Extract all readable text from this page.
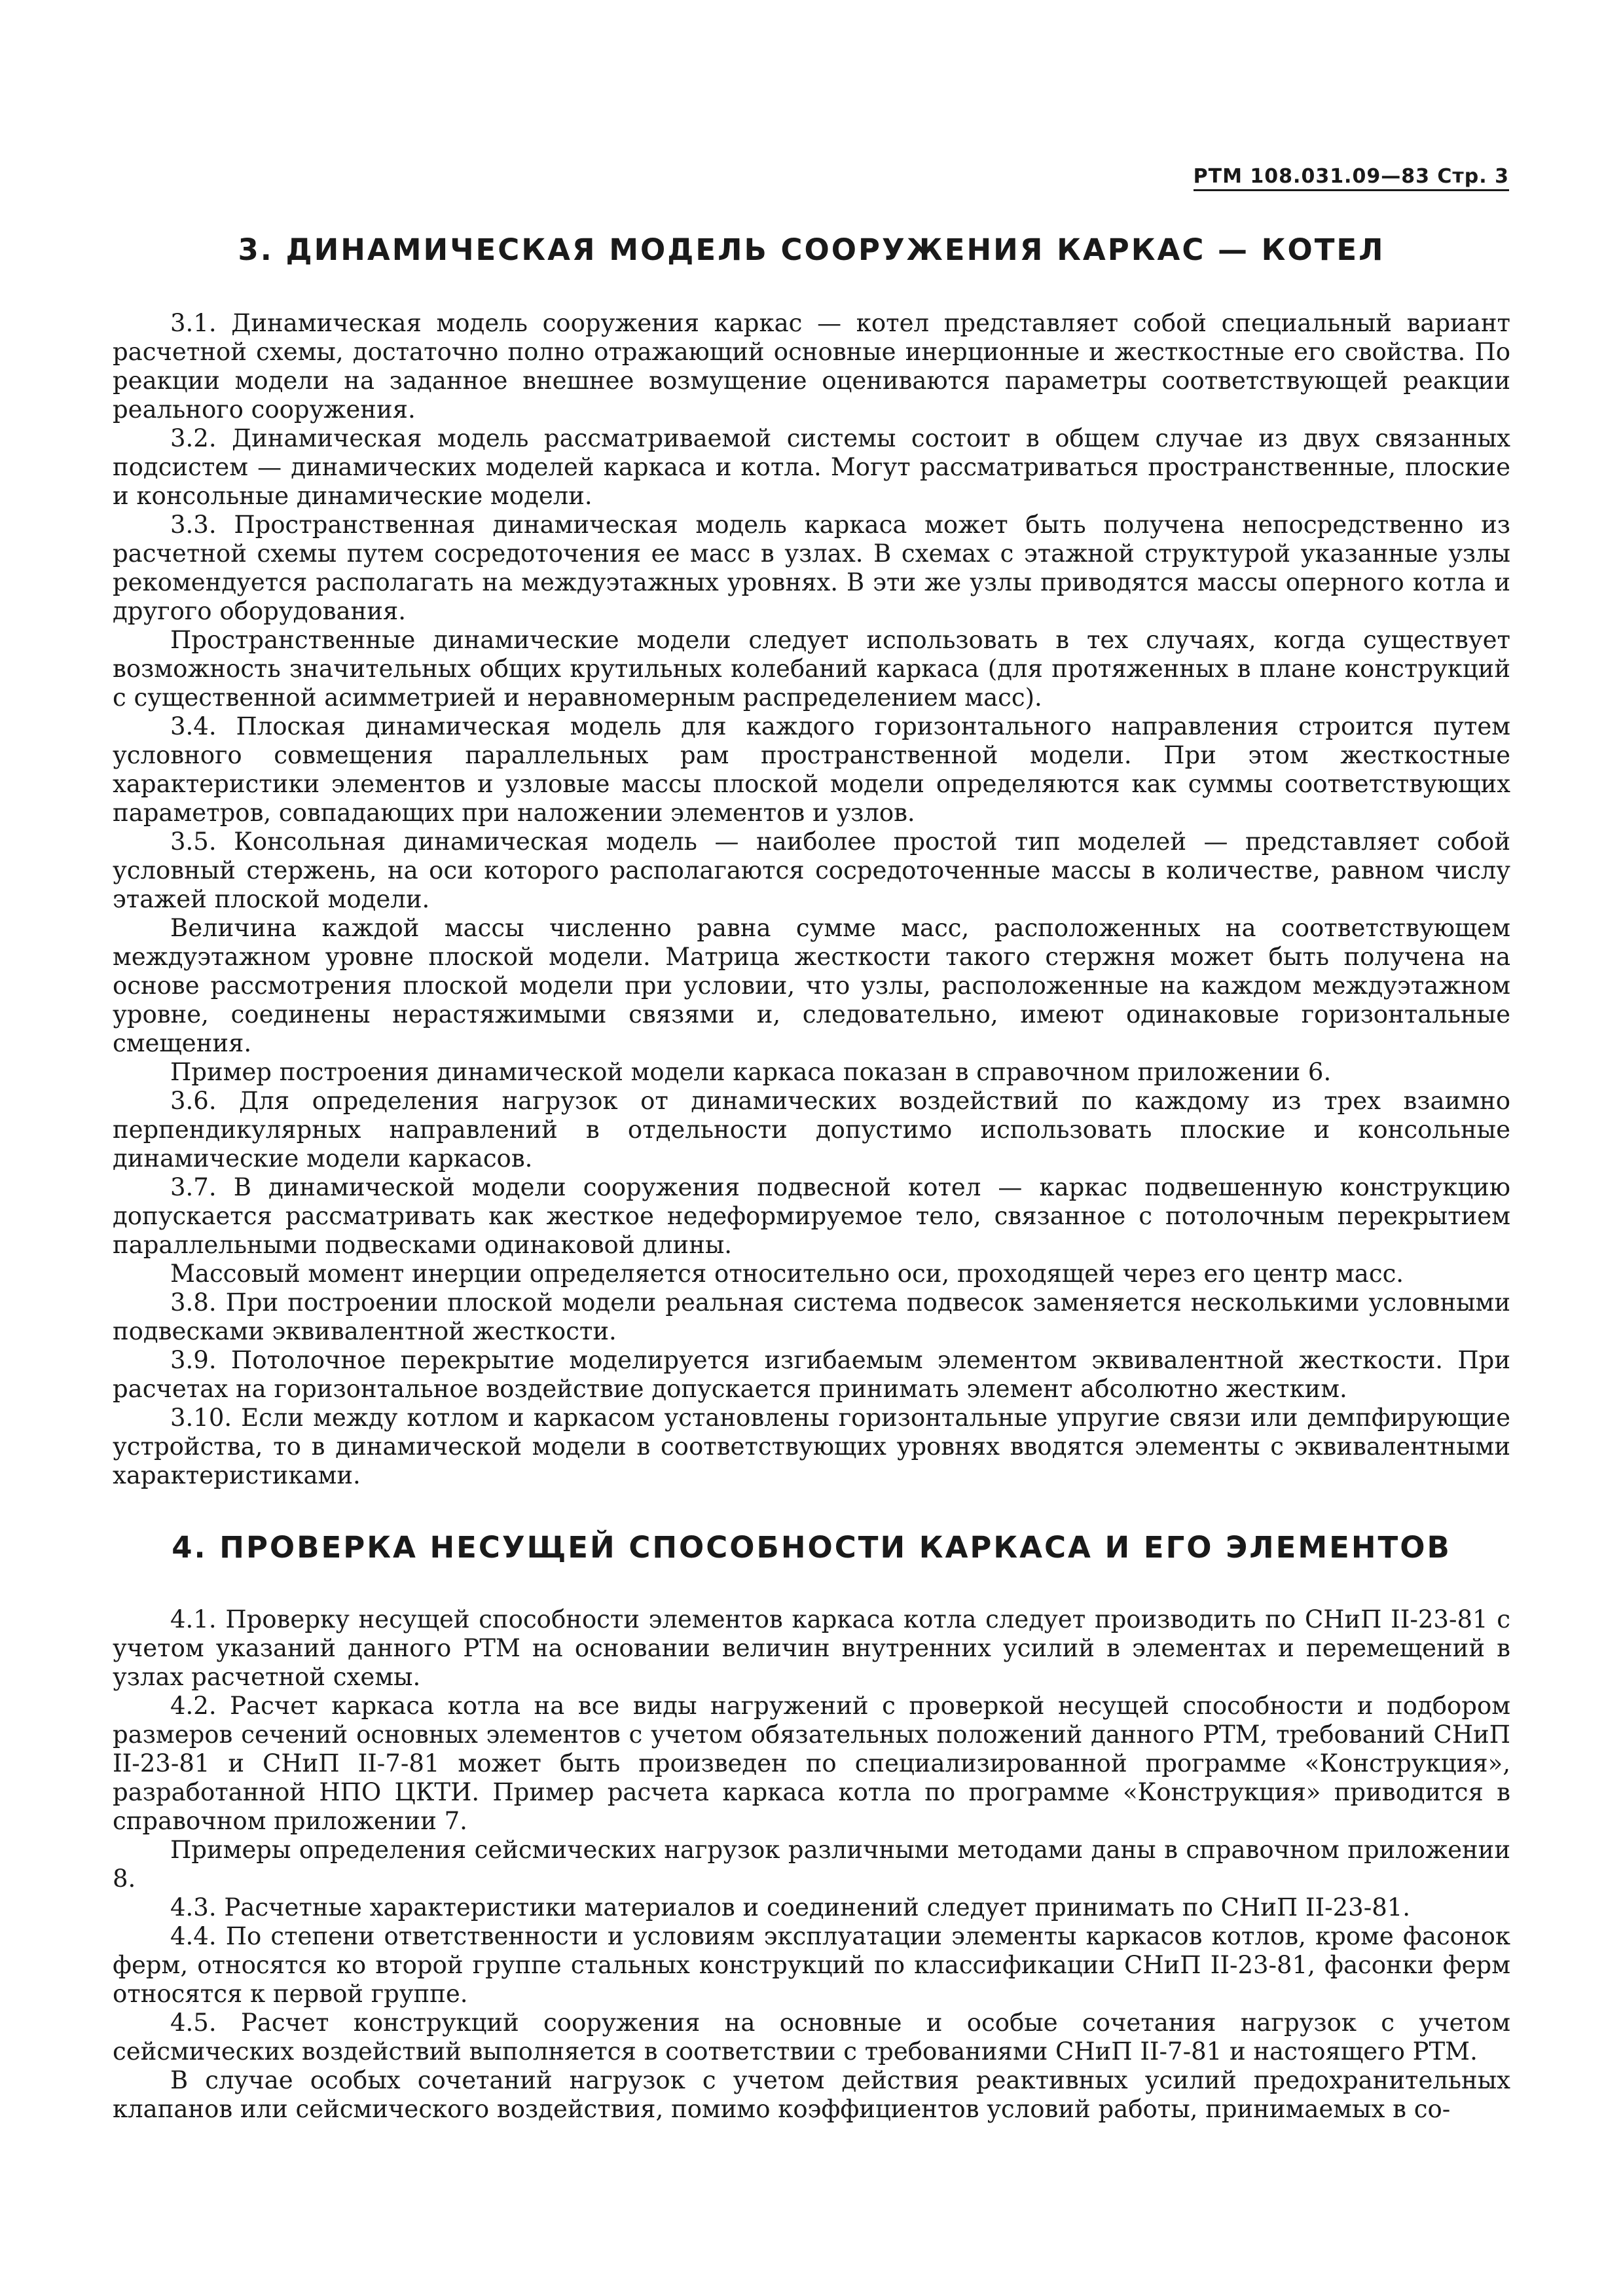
РТМ 108.031.09—83 Стр. 3
3. ДИНАМИЧЕСКАЯ МОДЕЛЬ СООРУЖЕНИЯ КАРКАС — КОТЕЛ

3.1. Динамическая модель сооружения каркас — котел представляет собой специальный вариант расчетной схемы, достаточно полно отражающий основные инерционные и жесткостные его свойства. По реакции модели на заданное внешнее возмущение оцениваются параметры соответствующей реакции реального сооружения.

3.2. Динамическая модель рассматриваемой системы состоит в общем случае из двух связанных подсистем — динамических моделей каркаса и котла. Могут рассматриваться пространственные, плоские и консольные динамические модели.

3.3. Пространственная динамическая модель каркаса может быть получена непосредственно из расчетной схемы путем сосредоточения ее масс в узлах. В схемах с этажной структурой указанные узлы рекомендуется располагать на междуэтажных уровнях. В эти же узлы приводятся массы оперного котла и другого оборудования.

Пространственные динамические модели следует использовать в тех случаях, когда существует возможность значительных общих крутильных колебаний каркаса (для протяженных в плане конструкций с существенной асимметрией и неравномерным распределением масс).

3.4. Плоская динамическая модель для каждого горизонтального направления строится путем условного совмещения параллельных рам пространственной модели. При этом жесткостные характеристики элементов и узловые массы плоской модели определяются как суммы соответствующих параметров, совпадающих при наложении элементов и узлов.

3.5. Консольная динамическая модель — наиболее простой тип моделей — представляет собой условный стержень, на оси которого располагаются сосредоточенные массы в количестве, равном числу этажей плоской модели.

Величина каждой массы численно равна сумме масс, расположенных на соответствующем междуэтажном уровне плоской модели. Матрица жесткости такого стержня может быть получена на основе рассмотрения плоской модели при условии, что узлы, расположенные на каждом междуэтажном уровне, соединены нерастяжимыми связями и, следовательно, имеют одинаковые горизонтальные смещения.

Пример построения динамической модели каркаса показан в справочном приложении 6.

3.6. Для определения нагрузок от динамических воздействий по каждому из трех взаимно перпендикулярных направлений в отдельности допустимо использовать плоские и консольные динамические модели каркасов.

3.7. В динамической модели сооружения подвесной котел — каркас подвешенную конструкцию допускается рассматривать как жесткое недеформируемое тело, связанное с потолочным перекрытием параллельными подвесками одинаковой длины.

Массовый момент инерции определяется относительно оси, проходящей через его центр масс.

3.8. При построении плоской модели реальная система подвесок заменяется несколькими условными подвесками эквивалентной жесткости.

3.9. Потолочное перекрытие моделируется изгибаемым элементом эквивалентной жесткости. При расчетах на горизонтальное воздействие допускается принимать элемент абсолютно жестким.

3.10. Если между котлом и каркасом установлены горизонтальные упругие связи или демпфирующие устройства, то в динамической модели в соответствующих уровнях вводятся элементы с эквивалентными характеристиками.

4. ПРОВЕРКА НЕСУЩЕЙ СПОСОБНОСТИ КАРКАСА И ЕГО ЭЛЕМЕНТОВ

4.1. Проверку несущей способности элементов каркаса котла следует производить по СНиП II-23-81 с учетом указаний данного РТМ на основании величин внутренних усилий в элементах и перемещений в узлах расчетной схемы.

4.2. Расчет каркаса котла на все виды нагружений с проверкой несущей способности и подбором размеров сечений основных элементов с учетом обязательных положений данного РТМ, требований СНиП II-23-81 и СНиП II-7-81 может быть произведен по специализированной программе «Конструкция», разработанной НПО ЦКТИ. Пример расчета каркаса котла по программе «Конструкция» приводится в справочном приложении 7.

Примеры определения сейсмических нагрузок различными методами даны в справочном приложении 8.

4.3. Расчетные характеристики материалов и соединений следует принимать по СНиП II-23-81.

4.4. По степени ответственности и условиям эксплуатации элементы каркасов котлов, кроме фасонок ферм, относятся ко второй группе стальных конструкций по классификации СНиП II-23-81, фасонки ферм относятся к первой группе.

4.5. Расчет конструкций сооружения на основные и особые сочетания нагрузок с учетом сейсмических воздействий выполняется в соответствии с требованиями СНиП II-7-81 и настоящего РТМ.

В случае особых сочетаний нагрузок с учетом действия реактивных усилий предохранительных клапанов или сейсмического воздействия, помимо коэффициентов условий работы, принимаемых в со-
